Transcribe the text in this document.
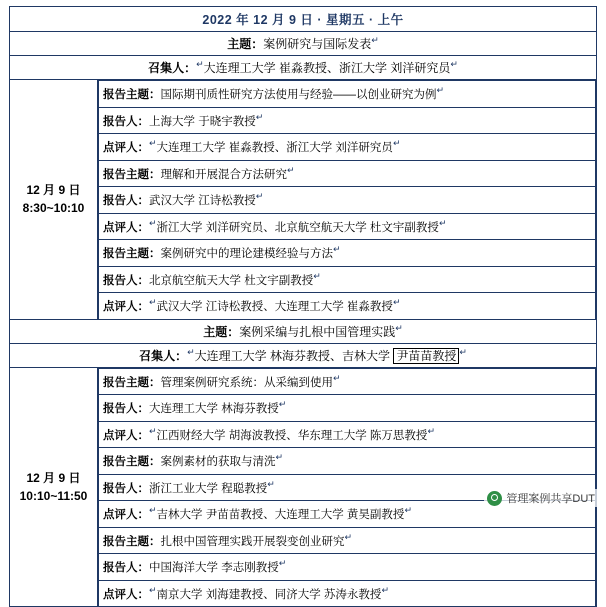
2022 年 12 月 9 日 · 星期五 · 上午
主题：案例研究与国际发表↵
召集人：↵大连理工大学 崔淼教授、浙江大学 刘洋研究员↵

12 月 9 日
8:30~10:10

报告主题：国际期刊质性研究方法使用与经验——以创业研究为例↵
报告人：上海大学 于晓宇教授↵
点评人：↵大连理工大学 崔淼教授、浙江大学 刘洋研究员↵
报告主题：理解和开展混合方法研究↵
报告人：武汉大学 江诗松教授↵
点评人：↵浙江大学 刘洋研究员、北京航空航天大学 杜文宇副教授↵
报告主题：案例研究中的理论建模经验与方法↵
报告人：北京航空航天大学 杜文宇副教授↵
点评人：↵武汉大学 江诗松教授、大连理工大学 崔淼教授↵

主题：案例采编与扎根中国管理实践↵
召集人：↵大连理工大学 林海芬教授、吉林大学 尹苗苗教授 ↵

12 月 9 日
10:10~11:50

报告主题：管理案例研究系统：从采编到使用↵
报告人：大连理工大学 林海芬教授↵
点评人：↵江西财经大学 胡海波教授、华东理工大学 陈万思教授↵
报告主题：案例素材的获取与清洗↵
报告人：浙江工业大学 程聪教授↵
点评人：↵吉林大学 尹苗苗教授、大连理工大学 黄昊副教授↵
报告主题：扎根中国管理实践开展裂变创业研究↵
报告人：中国海洋大学 李志刚教授↵
点评人：↵南京大学 刘海建教授、同济大学 苏涛永教授↵
管理案例共享DUT
